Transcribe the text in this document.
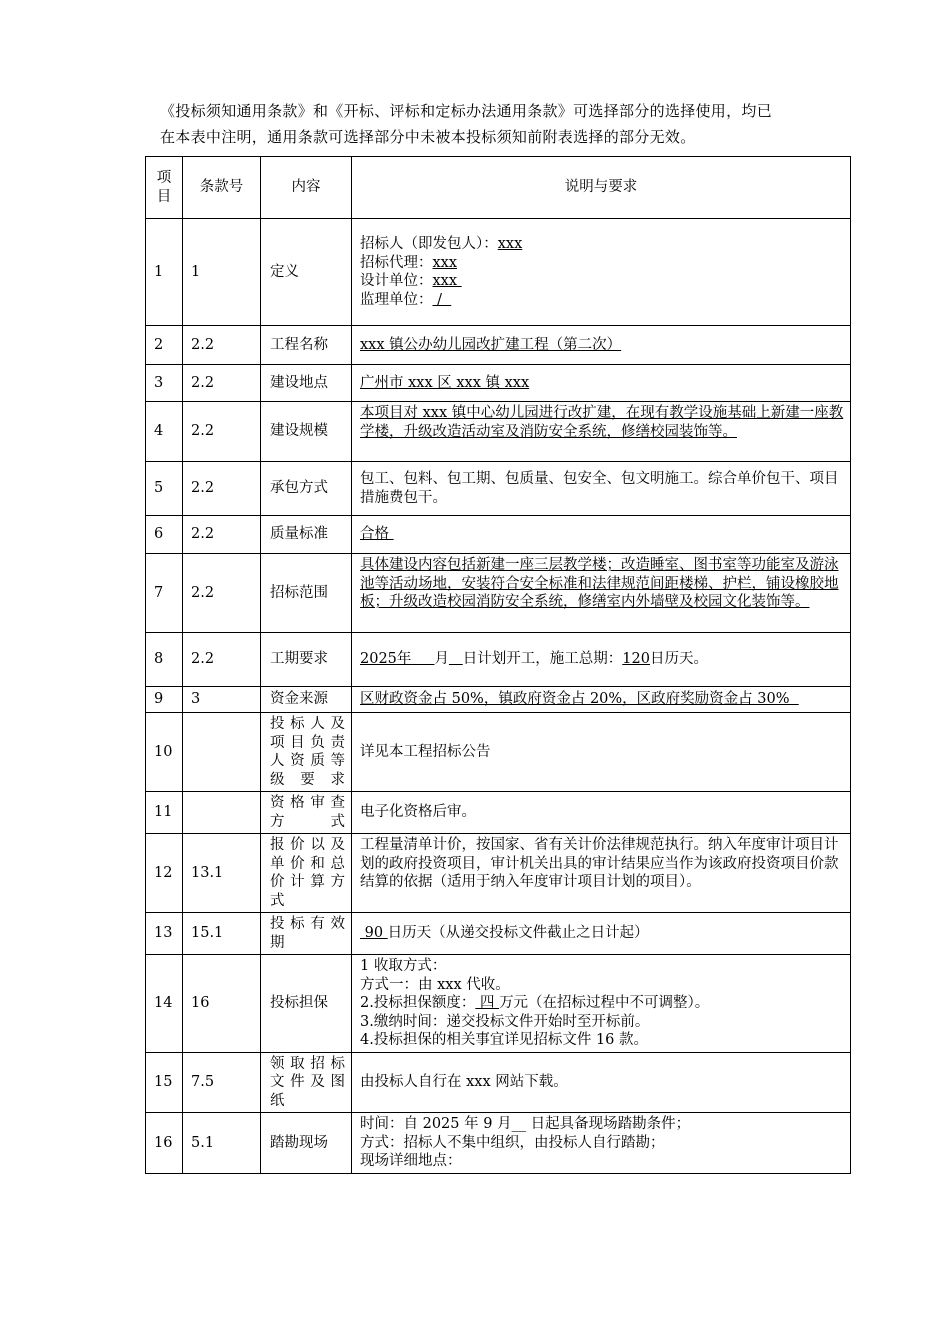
《投标须知通用条款》和《开标、评标和定标办法通用条款》可选择部分的选择使用，均已
在本表中注明，通用条款可选择部分中未被本投标须知前附表选择的部分无效。
项目	条款号	内容	说明与要求
1	1	定义	招标人（即发包人）：xxx
招标代理：xxx
设计单位：xxx
监理单位： /

2	2.2	工程名称	xxx 镇公办幼儿园改扩建工程（第二次）
3	2.2	建设地点	广州市 xxx 区 xxx 镇 xxx
4	2.2	建设规模	本项目对 xxx 镇中心幼儿园进行改扩建，在现有教学设施基础上新建一座教学楼，升级改造活动室及消防安全系统，修缮校园装饰等。
5	2.2	承包方式	包工、包料、包工期、包质量、包安全、包文明施工。综合单价包干、项目措施费包干。
6	2.2	质量标准	合格
7	2.2	招标范围	具体建设内容包括新建一座三层教学楼；改造睡室、图书室等功能室及游泳池等活动场地，安装符合安全标准和法律规范间距楼梯、护栏，铺设橡胶地板；升级改造校园消防安全系统，修缮室内外墙壁及校园文化装饰等。
8	2.2	工期要求	2025年 月 日计划开工，施工总期：120日历天。

9	3	资金来源	区财政资金占 50%，镇政府资金占 20%，区政府奖励资金占 30%

10		投标人及项目负责人资质等级要求	详见本工程招标公告
11		资格审查方式	电子化资格后审。
12	13.1	报价以及单价和总价计算方式	工程量清单计价，按国家、省有关计价法律规范执行。纳入年度审计项目计划的政府投资项目，审计机关出具的审计结果应当作为该政府投资项目价款结算的依据（适用于纳入年度审计项目计划的项目）。
13	15.1	投标有效期	90 日历天（从递交投标文件截止之日计起）
14	16	投标担保	1 收取方式：
方式一：由 xxx 代收。
2.投标担保额度： 四 万元（在招标过程中不可调整）。
3.缴纳时间：递交投标文件开始时至开标前。
4.投标担保的相关事宜详见招标文件 16 款。

15	7.5	领取招标文件及图纸	由投标人自行在 xxx 网站下载。
16	5.1	踏勘现场	时间：自 2025 年 9 月__ 日起具备现场踏勘条件；
方式：招标人不集中组织，由投标人自行踏勘；
现场详细地点：
